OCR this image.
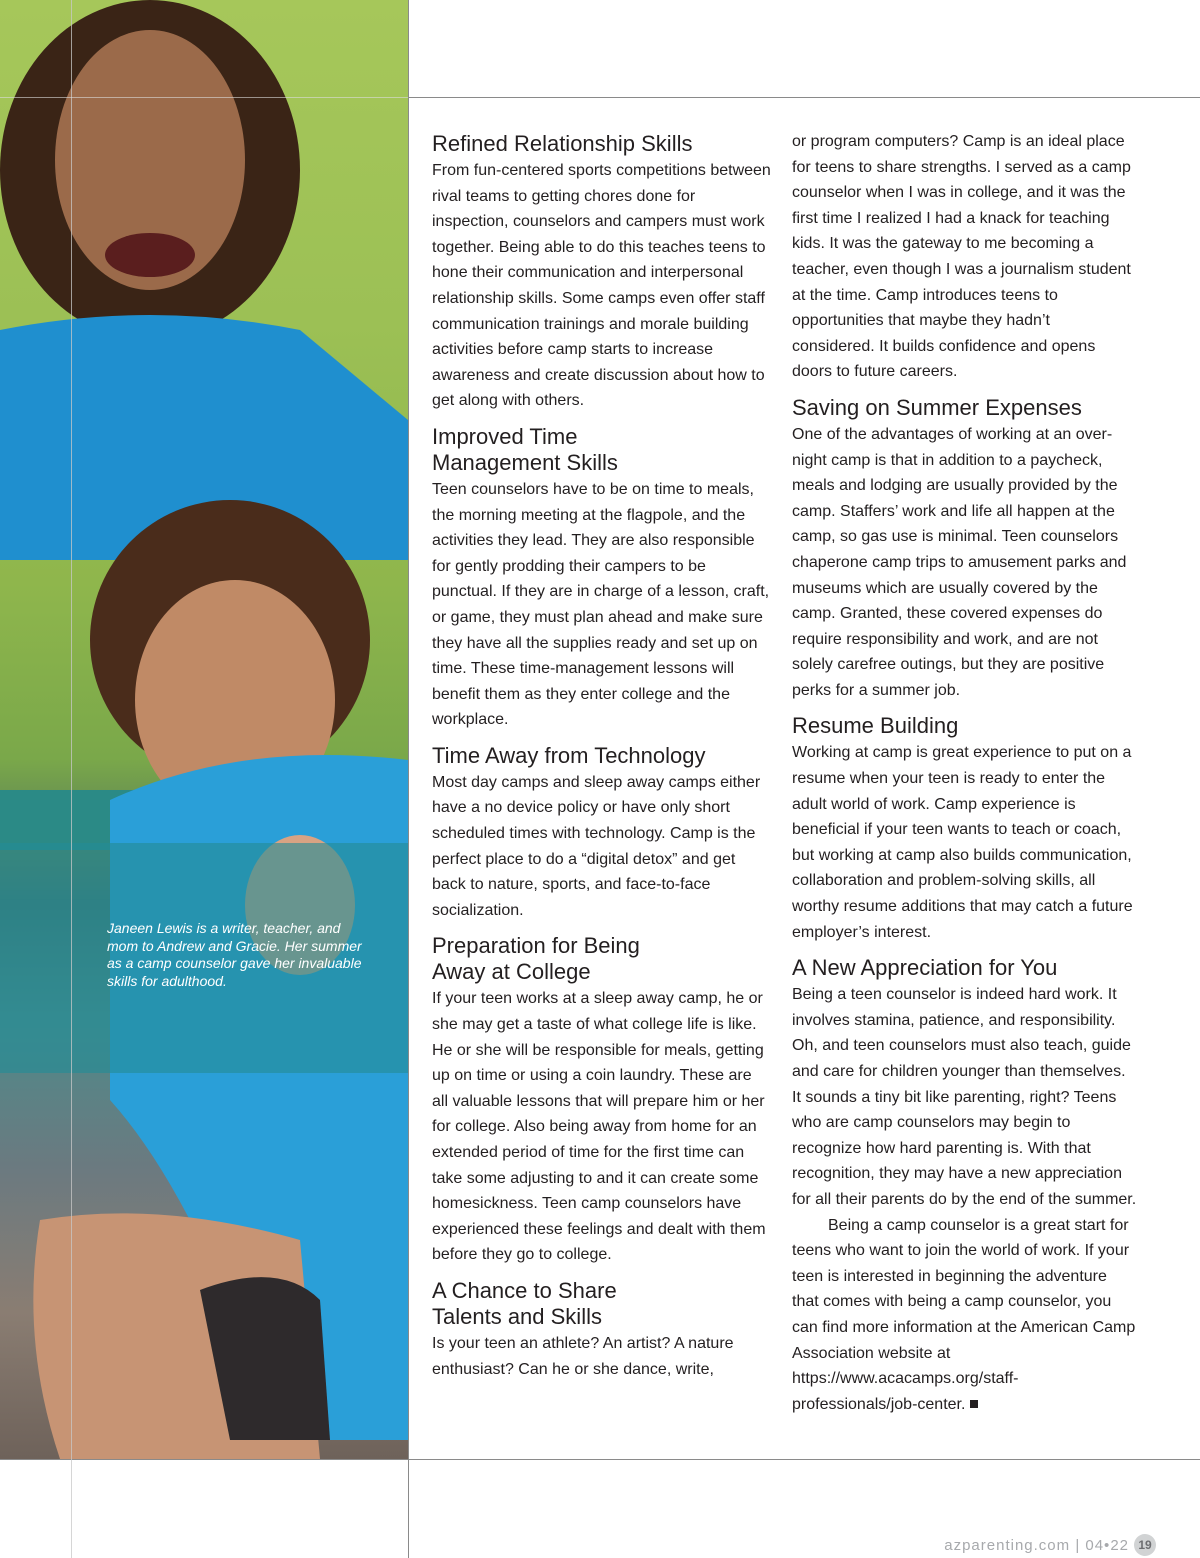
Janeen Lewis is a writer, teacher, and mom to Andrew and Gracie. Her summer as a camp counselor gave her invaluable skills for adulthood.
Refined Relationship Skills

From fun-centered sports competitions between rival teams to getting chores done for inspection, counselors and campers must work together. Being able to do this teaches teens to hone their communication and interpersonal relationship skills. Some camps even offer staff communication trainings and morale building activities before camp starts to increase awareness and create discussion about how to get along with others.

Improved Time Management Skills

Teen counselors have to be on time to meals, the morning meeting at the flagpole, and the activities they lead. They are also responsible for gently prodding their campers to be punctual. If they are in charge of a lesson, craft, or game, they must plan ahead and make sure they have all the supplies ready and set up on time. These time-management lessons will benefit them as they enter college and the workplace.

Time Away from Technology

Most day camps and sleep away camps either have a no device policy or have only short scheduled times with technology. Camp is the perfect place to do a “digital detox” and get back to nature, sports, and face-to-face socialization.

Preparation for Being Away at College

If your teen works at a sleep away camp, he or she may get a taste of what college life is like. He or she will be responsible for meals, getting up on time or using a coin laundry. These are all valuable lessons that will prepare him or her for college. Also being away from home for an extended period of time for the first time can take some adjusting to and it can create some homesickness. Teen camp counselors have experienced these feelings and dealt with them before they go to college.

A Chance to Share Talents and Skills

Is your teen an athlete? An artist? A nature enthusiast? Can he or she dance, write,

or program computers? Camp is an ideal place for teens to share strengths. I served as a camp counselor when I was in college, and it was the first time I realized I had a knack for teaching kids. It was the gateway to me becoming a teacher, even though I was a journalism student at the time. Camp introduces teens to opportunities that maybe they hadn’t considered. It builds confidence and opens doors to future careers.

Saving on Summer Expenses

One of the advantages of working at an overnight camp is that in addition to a paycheck, meals and lodging are usually provided by the camp. Staffers’ work and life all happen at the camp, so gas use is minimal. Teen counselors chaperone camp trips to amusement parks and museums which are usually covered by the camp. Granted, these covered expenses do require responsibility and work, and are not solely carefree outings, but they are positive perks for a summer job.

Resume Building

Working at camp is great experience to put on a resume when your teen is ready to enter the adult world of work. Camp experience is beneficial if your teen wants to teach or coach, but working at camp also builds communication, collaboration and problem-solving skills, all worthy resume additions that may catch a future employer’s interest.

A New Appreciation for You

Being a teen counselor is indeed hard work. It involves stamina, patience, and responsibility. Oh, and teen counselors must also teach, guide and care for children younger than themselves. It sounds a tiny bit like parenting, right? Teens who are camp counselors may begin to recognize how hard parenting is. With that recognition, they may have a new appreciation for all their parents do by the end of the summer.

Being a camp counselor is a great start for teens who want to join the world of work. If your teen is interested in beginning the adventure that comes with being a camp counselor, you can find more information at the American Camp Association website at https://www.acacamps.org/staff-professionals/job-center.

azparenting.com | 04•22 19
